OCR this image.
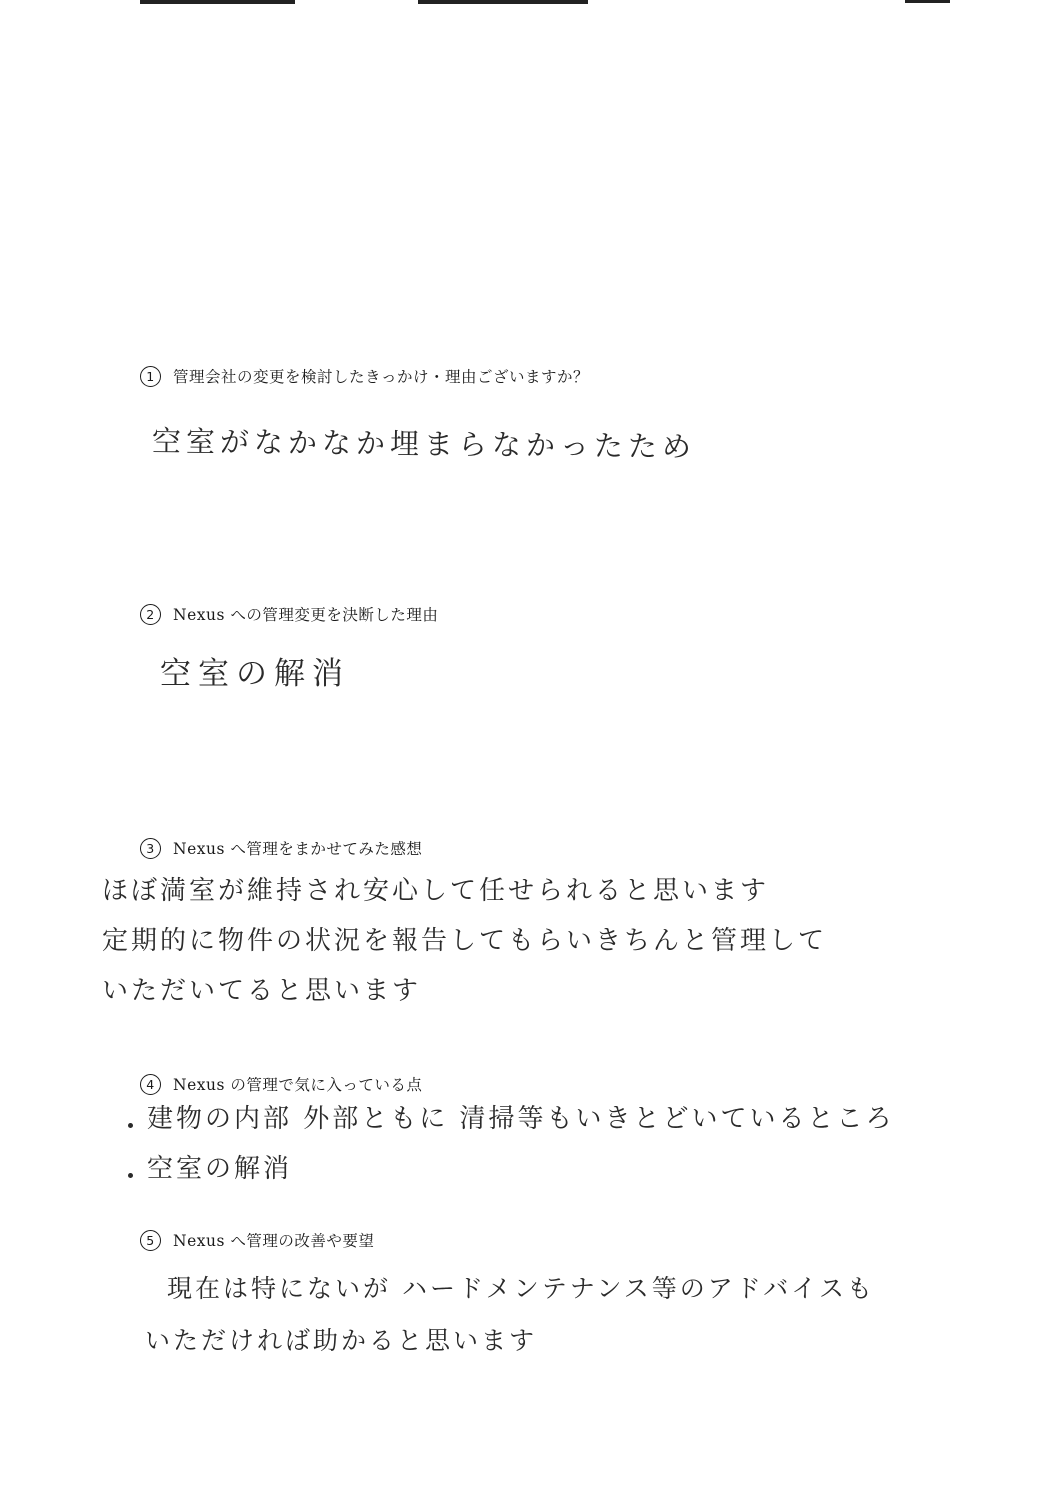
1 管理会社の変更を検討したきっかけ・理由ございますか？
空室がなかなか埋まらなかったため
2 Nexus への管理変更を決断した理由
空室の解消
3 Nexus へ管理をまかせてみた感想
ほぼ満室が維持され安心して任せられると思います
定期的に物件の状況を報告してもらいきちんと管理して
いただいてると思います
4 Nexus の管理で気に入っている点
建物の内部 外部ともに 清掃等もいきとどいているところ
空室の解消
5 Nexus へ管理の改善や要望
現在は特にないが ハードメンテナンス等のアドバイスも
いただければ助かると思います
